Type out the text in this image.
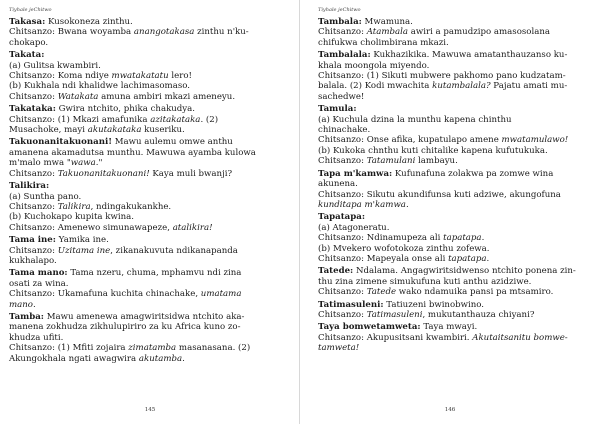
Tiyhale jeChitwo
Takasa: Kusokoneza zinthu.
Chitsanzo: Bwana woyamba anangotakasa zinthu n'ku-
chokapo.
Takata:
(a) Gulitsa kwambiri.
Chitsanzo: Koma ndiye mwatakatatu lero!
(b) Kukhala ndi khalidwe lachimasomaso.
Chitsanzo: Watakata amuna ambiri mkazi ameneyu.
Takataka: Gwira ntchito, phika chakudya.
Chitsanzo: (1) Mkazi amafunika azitakataka. (2)
Musachoke, mayi akutakataka kuseriku.
Takuonanitakuonani! Mawu aulemu omwe anthu
amanena akamadutsa munthu. Mawuwa ayamba kulowa
m'malo mwa "wawa."
Chitsanzo: Takuonanitakuonani! Kaya muli bwanji?
Talikira:
(a) Suntha pano.
Chitsanzo: Talikira, ndingakukankhe.
(b) Kuchokapo kupita kwina.
Chitsanzo: Amenewo simunawapeze, atalikira!
Tama ine: Yamika ine.
Chitsanzo: Uzitama ine, zikanakuvuta ndikanapanda
kukhalapo.
Tama mano: Tama nzeru, chuma, mphamvu ndi zina
osati za wina.
Chitsanzo: Ukamafuna kuchita chinachake, umatama
mano.
Tamba: Mawu amenewa amagwiritsidwa ntchito aka-
manena zokhudza zikhulupiriro za ku Africa kuno zo-
khudza ufiti.
Chitsanzo: (1) Mfiti zojaira zimatamba masanasana. (2)
Akungokhala ngati awagwira akutamba.
Tiyhale jeChitwo
Tambala: Mwamuna.
Chitsanzo: Atambala awiri a pamudzipo amasosolana
chifukwa cholimbirana mkazi.
Tambalala: Kukhazikika. Mawuwa amatanthauzanso ku-
khala moongola miyendo.
Chitsanzo: (1) Sikuti mubwere pakhomo pano kudzatam-
balala. (2) Kodi mwachita kutambalala? Pajatu amati mu-
sachedwe!
Tamula:
(a) Kuchula dzina la munthu kapena chinthu
chinachake.
Chitsanzo: Onse afika, kupatulapo amene mwatamulawo!
(b) Kukoka chnthu kuti chitalike kapena kufutukuka.
Chitsanzo: Tatamulani lambayu.
Tapa m'kamwa: Kufunafuna zolakwa pa zomwe wina
akunena.
Chitsanzo: Sikutu akundifunsa kuti adziwe, akungofuna
kunditapa m'kamwa.
Tapatapa:
(a) Atagoneratu.
Chitsanzo: Ndinamupeza ali tapatapa.
(b) Mvekero wofotokoza zinthu zofewa.
Chitsanzo: Mapeyala onse ali tapatapa.
Tatede: Ndalama. Angagwiritsidwenso ntchito ponena zin-
thu zina zimene simukufuna kuti anthu azidziwe.
Chitsanzo: Tatede wako ndamuika pansi pa mtsamiro.
Tatimasuleni: Tatiuzeni bwinobwino.
Chitsanzo: Tatimasuleni, mukutanthauza chiyani?
Taya bomwetamweta: Taya mwayi.
Chitsanzo: Akupusitsani kwambiri. Akutaitsanitu bomwe-
tamweta!
145	146
